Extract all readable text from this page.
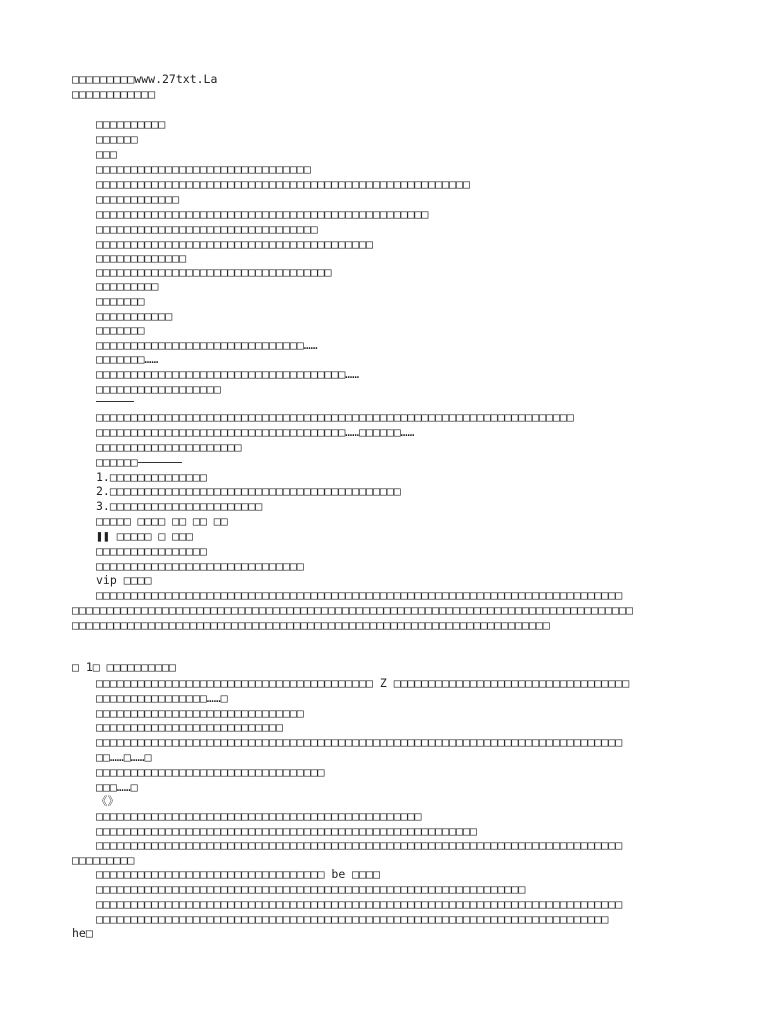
□□□□□□□□□www.27txt.La
□□□□□□□□□□□□
□□□□□□□□□□
□□□□□□
□□□
□□□□□□□□□□□□□□□□□□□□□□□□□□□□□□□
□□□□□□□□□□□□□□□□□□□□□□□□□□□□□□□□□□□□□□□□□□□□□□□□□□□□□□
□□□□□□□□□□□□
□□□□□□□□□□□□□□□□□□□□□□□□□□□□□□□□□□□□□□□□□□□□□□□□
□□□□□□□□□□□□□□□□□□□□□□□□□□□□□□□□
□□□□□□□□□□□□□□□□□□□□□□□□□□□□□□□□□□□□□□□□
□□□□□□□□□□□□□
□□□□□□□□□□□□□□□□□□□□□□□□□□□□□□□□□□
□□□□□□□□□
□□□□□□□
□□□□□□□□□□□
□□□□□□□
□□□□□□□□□□□□□□□□□□□□□□□□□□□□□□……
□□□□□□□……
□□□□□□□□□□□□□□□□□□□□□□□□□□□□□□□□□□□□……
□□□□□□□□□□□□□□□□□□
□□□□□□□□□□□□□□□□□□□□□□□□□□□□□□□□□□□□□□□□□□□□□□□□□□□□□□□□□□□□□□□□□□□□□
□□□□□□□□□□□□□□□□□□□□□□□□□□□□□□□□□□□□……□□□□□□……
□□□□□□□□□□□□□□□□□□□□□
□□□□□□
1.□□□□□□□□□□□□□□
2.□□□□□□□□□□□□□□□□□□□□□□□□□□□□□□□□□□□□□□□□□□
3.□□□□□□□□□□□□□□□□□□□□□□
□□□□□ □□□□ □□ □□ □□
❚❚ □□□□□ □ □□□
□□□□□□□□□□□□□□□□
□□□□□□□□□□□□□□□□□□□□□□□□□□□□□□
vip □□□□
□□□□□□□□□□□□□□□□□□□□□□□□□□□□□□□□□□□□□□□□□□□□□□□□□□□□□□□□□□□□□□□□□□□□□□□□□□□□
□□□□□□□□□□□□□□□□□□□□□□□□□□□□□□□□□□□□□□□□□□□□□□□□□□□□□□□□□□□□□□□□□□□□□□□□□□□□□□□□□
□□□□□□□□□□□□□□□□□□□□□□□□□□□□□□□□□□□□□□□□□□□□□□□□□□□□□□□□□□□□□□□□□□□□□
□ 1□ □□□□□□□□□□
□□□□□□□□□□□□□□□□□□□□□□□□□□□□□□□□□□□□□□□□ Z □□□□□□□□□□□□□□□□□□□□□□□□□□□□□□□□□□
□□□□□□□□□□□□□□□□……□
□□□□□□□□□□□□□□□□□□□□□□□□□□□□□□
□□□□□□□□□□□□□□□□□□□□□□□□□□□
□□□□□□□□□□□□□□□□□□□□□□□□□□□□□□□□□□□□□□□□□□□□□□□□□□□□□□□□□□□□□□□□□□□□□□□□□□□□
□□……□……□
□□□□□□□□□□□□□□□□□□□□□□□□□□□□□□□□□
□□□……□
《》
□□□□□□□□□□□□□□□□□□□□□□□□□□□□□□□□□□□□□□□□□□□□□□□
□□□□□□□□□□□□□□□□□□□□□□□□□□□□□□□□□□□□□□□□□□□□□□□□□□□□□□□
□□□□□□□□□□□□□□□□□□□□□□□□□□□□□□□□□□□□□□□□□□□□□□□□□□□□□□□□□□□□□□□□□□□□□□□□□□□□
□□□□□□□□□
□□□□□□□□□□□□□□□□□□□□□□□□□□□□□□□□□ be □□□□
□□□□□□□□□□□□□□□□□□□□□□□□□□□□□□□□□□□□□□□□□□□□□□□□□□□□□□□□□□□□□□
□□□□□□□□□□□□□□□□□□□□□□□□□□□□□□□□□□□□□□□□□□□□□□□□□□□□□□□□□□□□□□□□□□□□□□□□□□□□
□□□□□□□□□□□□□□□□□□□□□□□□□□□□□□□□□□□□□□□□□□□□□□□□□□□□□□□□□□□□□□□□□□□□□□□□□□
he□
